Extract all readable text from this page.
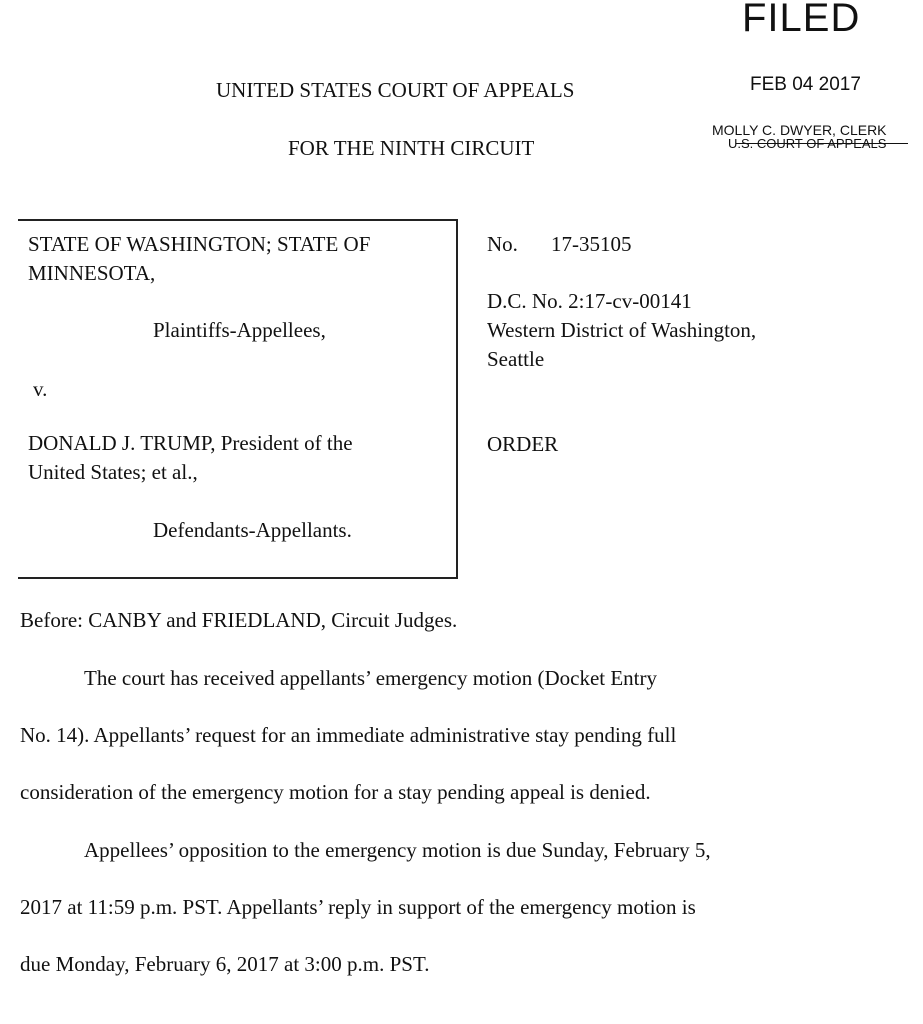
FILED
FEB 04 2017
MOLLY C. DWYER, CLERK
U.S. COURT OF APPEALS
UNITED STATES COURT OF APPEALS
FOR THE NINTH CIRCUIT
STATE OF WASHINGTON; STATE OF
MINNESOTA,
Plaintiffs-Appellees,
v.
DONALD J. TRUMP, President of the
United States; et al.,
Defendants-Appellants.
No. 17-35105
D.C. No. 2:17-cv-00141
Western District of Washington,
Seattle
ORDER
Before: CANBY and FRIEDLAND, Circuit Judges.
The court has received appellants’ emergency motion (Docket Entry
No. 14). Appellants’ request for an immediate administrative stay pending full
consideration of the emergency motion for a stay pending appeal is denied.
Appellees’ opposition to the emergency motion is due Sunday, February 5,
2017 at 11:59 p.m. PST. Appellants’ reply in support of the emergency motion is
due Monday, February 6, 2017 at 3:00 p.m. PST.
